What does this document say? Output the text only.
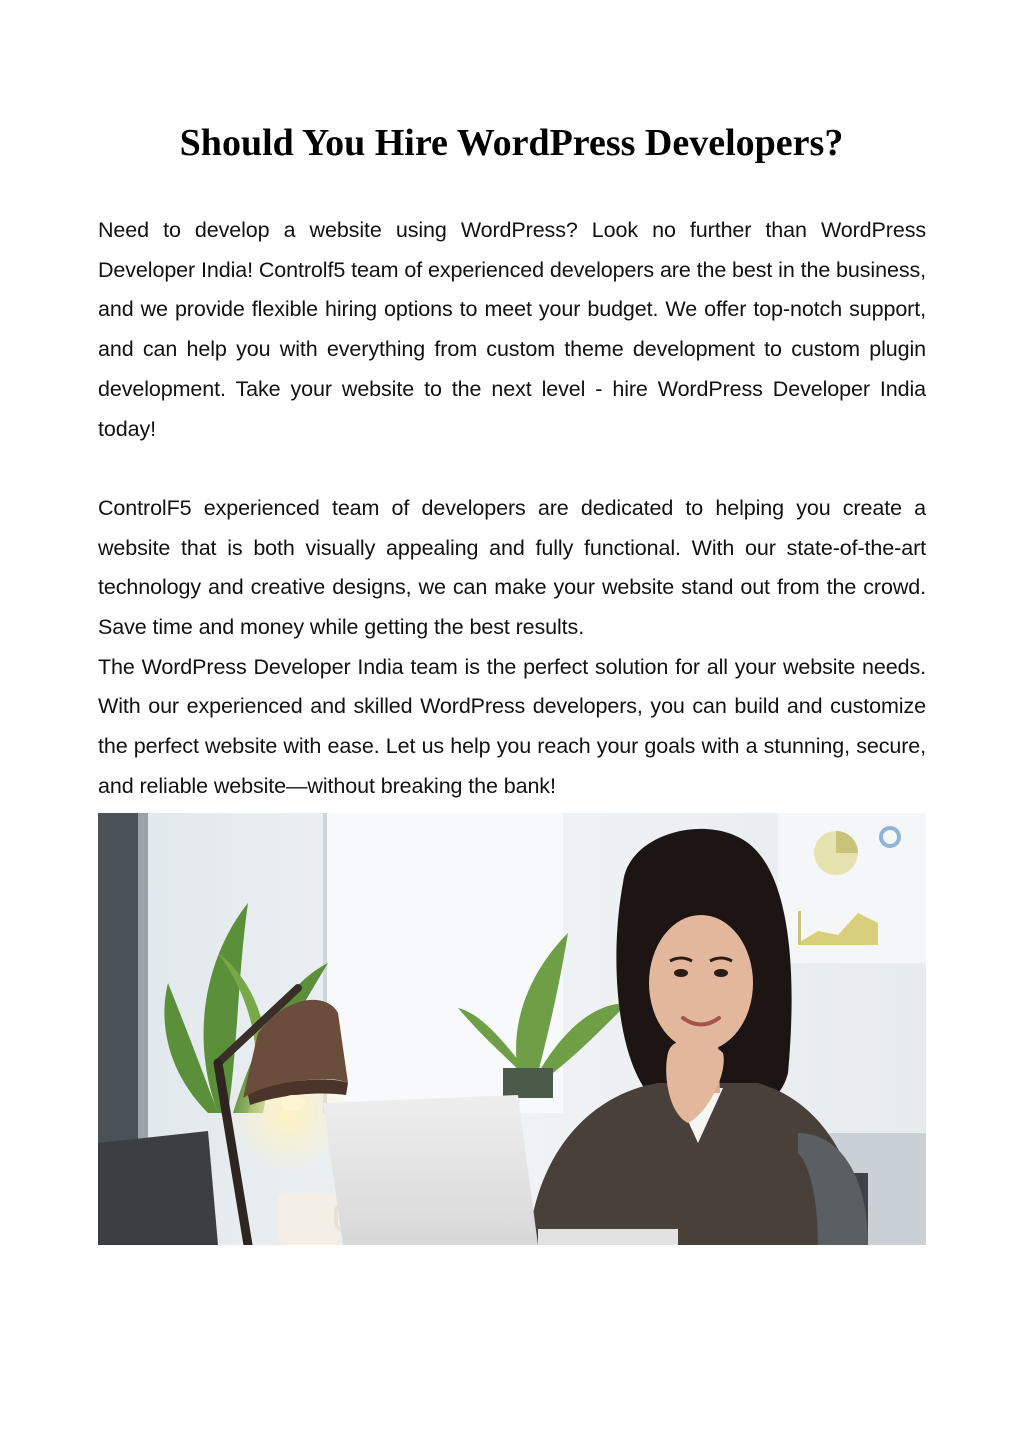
Should You Hire WordPress Developers?

Need to develop a website using WordPress? Look no further than WordPress Developer India! Controlf5 team of experienced developers are the best in the business, and we provide flexible hiring options to meet your budget. We offer top-notch support, and can help you with everything from custom theme development to custom plugin development. Take your website to the next level - hire WordPress Developer India today!

ControlF5 experienced team of developers are dedicated to helping you create a website that is both visually appealing and fully functional. With our state-of-the-art technology and creative designs, we can make your website stand out from the crowd. Save time and money while getting the best results.

The WordPress Developer India team is the perfect solution for all your website needs. With our experienced and skilled WordPress developers, you can build and customize the perfect website with ease. Let us help you reach your goals with a stunning, secure, and reliable website—without breaking the bank!
